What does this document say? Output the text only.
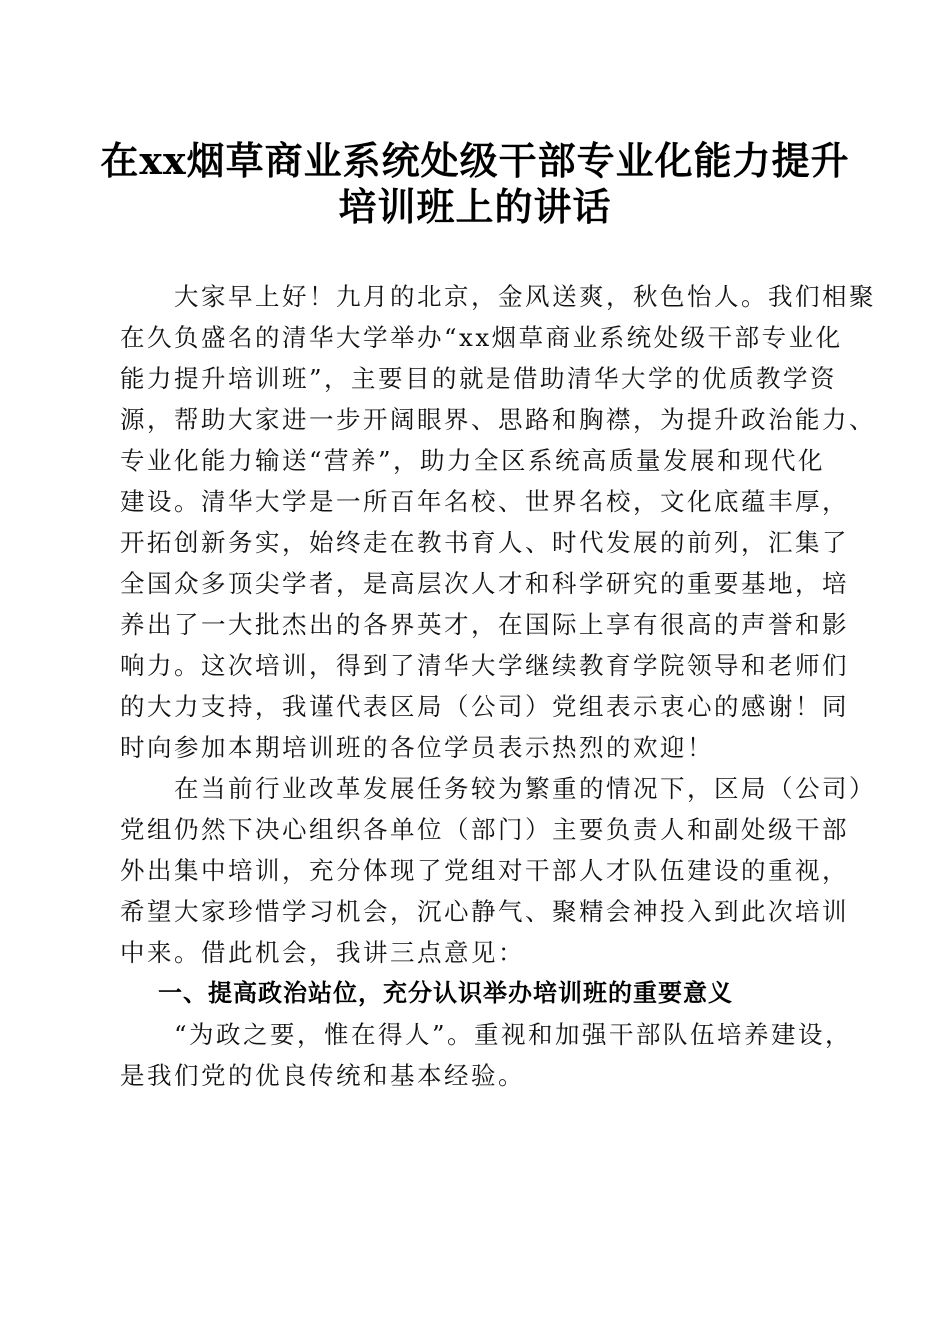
在xx烟草商业系统处级干部专业化能力提升
培训班上的讲话
　　大家早上好！九月的北京，金风送爽，秋色怡人。我们相聚
在久负盛名的清华大学举办“xx烟草商业系统处级干部专业化
能力提升培训班”，主要目的就是借助清华大学的优质教学资
源，帮助大家进一步开阔眼界、思路和胸襟，为提升政治能力、
专业化能力输送“营养”，助力全区系统高质量发展和现代化
建设。清华大学是一所百年名校、世界名校，文化底蕴丰厚，
开拓创新务实，始终走在教书育人、时代发展的前列，汇集了
全国众多顶尖学者，是高层次人才和科学研究的重要基地，培
养出了一大批杰出的各界英才，在国际上享有很高的声誉和影
响力。这次培训，得到了清华大学继续教育学院领导和老师们
的大力支持，我谨代表区局（公司）党组表示衷心的感谢！同
时向参加本期培训班的各位学员表示热烈的欢迎！
　　在当前行业改革发展任务较为繁重的情况下，区局（公司）
党组仍然下决心组织各单位（部门）主要负责人和副处级干部
外出集中培训，充分体现了党组对干部人才队伍建设的重视，
希望大家珍惜学习机会，沉心静气、聚精会神投入到此次培训
中来。借此机会，我讲三点意见：
一、提高政治站位，充分认识举办培训班的重要意义
　　“为政之要，惟在得人”。重视和加强干部队伍培养建设，
是我们党的优良传统和基本经验。
